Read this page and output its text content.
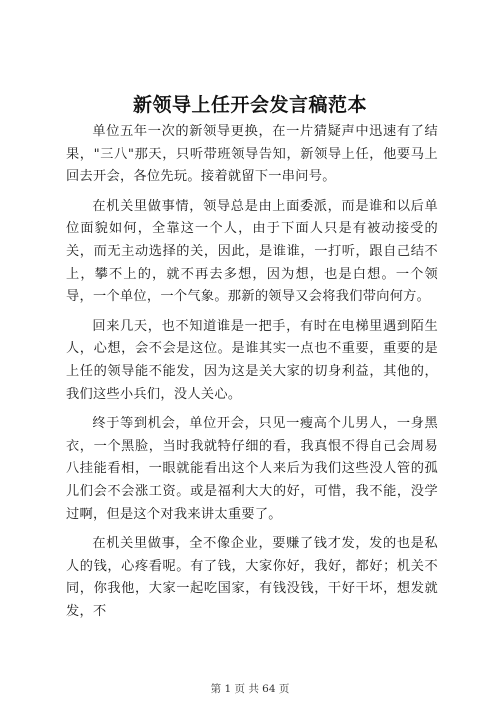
新领导上任开会发言稿范本

单位五年一次的新领导更换，在一片猜疑声中迅速有了结果，"三八"那天，只听带班领导告知，新领导上任，他要马上回去开会，各位先玩。接着就留下一串问号。

在机关里做事情，领导总是由上面委派，而是谁和以后单位面貌如何，全靠这一个人，由于下面人只是有被动接受的关，而无主动选择的关，因此，是谁谁，一打听，跟自己结不上，攀不上的，就不再去多想，因为想，也是白想。一个领导，一个单位，一个气象。那新的领导又会将我们带向何方。

回来几天，也不知道谁是一把手，有时在电梯里遇到陌生人，心想，会不会是这位。是谁其实一点也不重要，重要的是上任的领导能不能发，因为这是关大家的切身利益，其他的，我们这些小兵们，没人关心。

终于等到机会，单位开会，只见一瘦高个儿男人，一身黑衣，一个黑脸，当时我就特仔细的看，我真恨不得自己会周易八挂能看相，一眼就能看出这个人来后为我们这些没人管的孤儿们会不会涨工资。或是福利大大的好，可惜，我不能，没学过啊，但是这个对我来讲太重要了。

在机关里做事，全不像企业，要赚了钱才发，发的也是私人的钱，心疼看呢。有了钱，大家你好，我好，都好；机关不同，你我他，大家一起吃国家，有钱没钱，干好干坏，想发就发，不

第 1 页 共 64 页
